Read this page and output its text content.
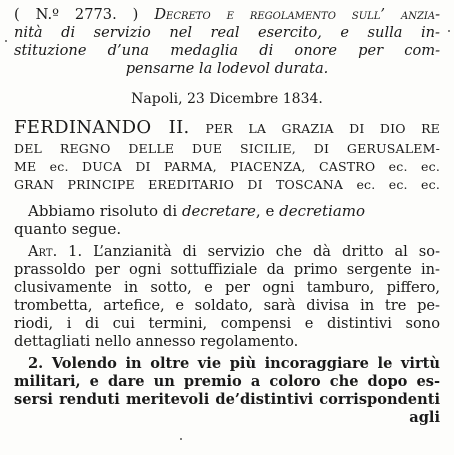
( N.º 2773. ) Decreto e regolamento sull’ anzia-
nità di servizio nel real esercito, e sulla in-
stituzione d’una medaglia di onore per com-
pensarne la lodevol durata.
Napoli, 23 Dicembre 1834.
FERDINANDO II. PER LA GRAZIA DI DIO RE
DEL REGNO DELLE DUE SICILIE, DI GERUSALEM-
ME ec. DUCA DI PARMA, PIACENZA, CASTRO ec. ec.
GRAN PRINCIPE EREDITARIO DI TOSCANA ec. ec. ec.
Abbiamo risoluto di decretare, e decretiamo
quanto segue.
Art. 1. L’anzianità di servizio che dà dritto al so-
prassoldo per ogni sottuffiziale da primo sergente in-
clusivamente in sotto, e per ogni tamburo, piffero,
trombetta, artefice, e soldato, sarà divisa in tre pe-
riodi, i di cui termini, compensi e distintivi sono
dettagliati nello annesso regolamento.
2. Volendo in oltre vie più incoraggiare le virtù
militari, e dare un premio a coloro che dopo es-
sersi renduti meritevoli de’distintivi corrispondenti
agli
